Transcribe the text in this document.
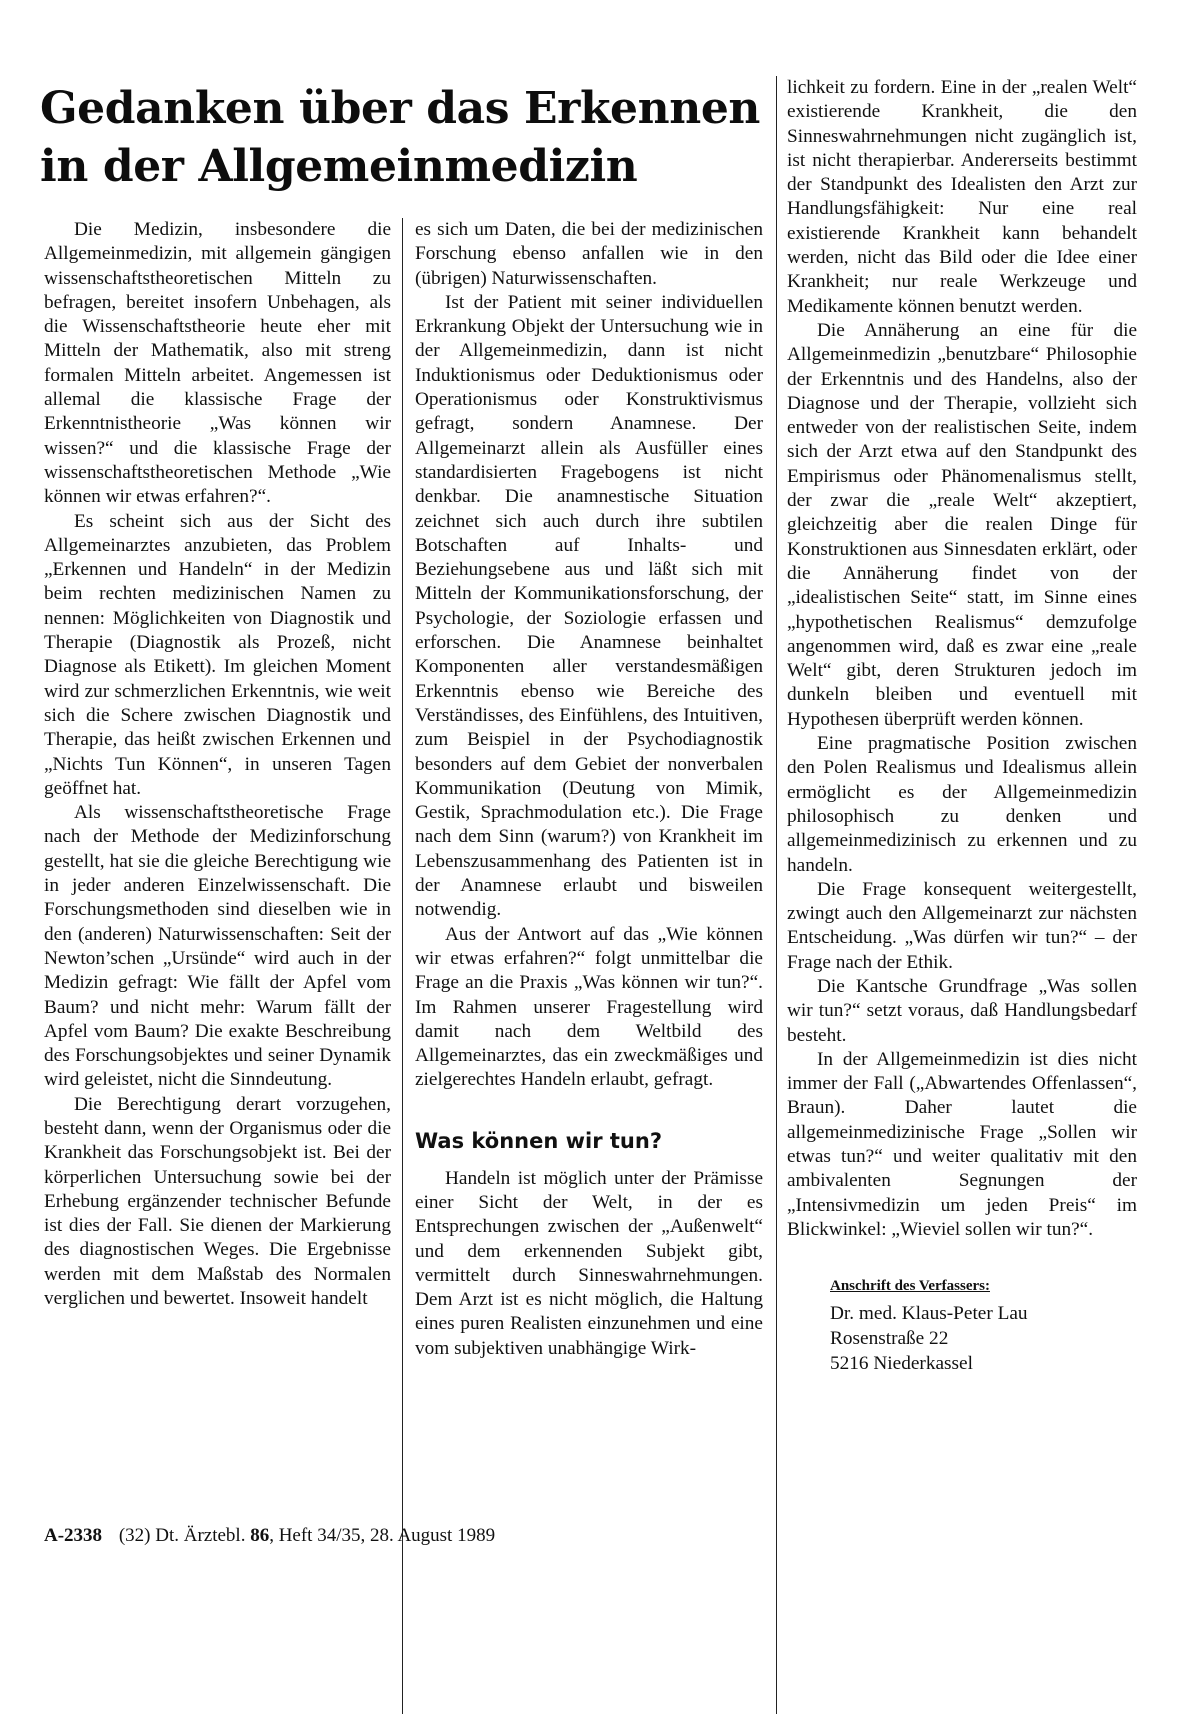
Gedanken über das Erkennen
in der Allgemeinmedizin

Die Medizin, insbesondere die Allgemeinmedizin, mit allgemein gängigen wissenschaftstheoretischen Mitteln zu befragen, bereitet insofern Unbehagen, als die Wissenschaftstheorie heute eher mit Mitteln der Mathematik, also mit streng formalen Mitteln arbeitet. Angemessen ist allemal die klassische Frage der Erkenntnistheorie „Was können wir wissen?“ und die klassische Frage der wissenschaftstheoretischen Methode „Wie können wir etwas erfahren?“.

Es scheint sich aus der Sicht des Allgemeinarztes anzubieten, das Problem „Erkennen und Handeln“ in der Medizin beim rechten medizinischen Namen zu nennen: Möglichkeiten von Diagnostik und Therapie (Diagnostik als Prozeß, nicht Diagnose als Etikett). Im gleichen Moment wird zur schmerzlichen Erkenntnis, wie weit sich die Schere zwischen Diagnostik und Therapie, das heißt zwischen Erkennen und „Nichts Tun Können“, in unseren Tagen geöffnet hat.

Als wissenschaftstheoretische Frage nach der Methode der Medizinforschung gestellt, hat sie die gleiche Berechtigung wie in jeder anderen Einzelwissenschaft. Die Forschungsmethoden sind dieselben wie in den (anderen) Naturwissenschaften: Seit der Newton’schen „Ursünde“ wird auch in der Medizin gefragt: Wie fällt der Apfel vom Baum? und nicht mehr: Warum fällt der Apfel vom Baum? Die exakte Beschreibung des Forschungsobjektes und seiner Dynamik wird geleistet, nicht die Sinndeutung.

Die Berechtigung derart vorzugehen, besteht dann, wenn der Organismus oder die Krankheit das Forschungsobjekt ist. Bei der körperlichen Untersuchung sowie bei der Erhebung ergänzender technischer Befunde ist dies der Fall. Sie dienen der Markierung des diagnostischen Weges. Die Ergebnisse werden mit dem Maßstab des Normalen verglichen und bewertet. Insoweit handelt

es sich um Daten, die bei der medizinischen Forschung ebenso anfallen wie in den (übrigen) Naturwissenschaften.

Ist der Patient mit seiner individuellen Erkrankung Objekt der Untersuchung wie in der Allgemeinmedizin, dann ist nicht Induktionismus oder Deduktionismus oder Operationismus oder Konstruktivismus gefragt, sondern Anamnese. Der Allgemeinarzt allein als Ausfüller eines standardisierten Fragebogens ist nicht denkbar. Die anamnestische Situation zeichnet sich auch durch ihre subtilen Botschaften auf Inhalts- und Beziehungsebene aus und läßt sich mit Mitteln der Kommunikationsforschung, der Psychologie, der Soziologie erfassen und erforschen. Die Anamnese beinhaltet Komponenten aller verstandesmäßigen Erkenntnis ebenso wie Bereiche des Verständisses, des Einfühlens, des Intuitiven, zum Beispiel in der Psychodiagnostik besonders auf dem Gebiet der nonverbalen Kommunikation (Deutung von Mimik, Gestik, Sprachmodulation etc.). Die Frage nach dem Sinn (warum?) von Krankheit im Lebenszusammenhang des Patienten ist in der Anamnese erlaubt und bisweilen notwendig.

Aus der Antwort auf das „Wie können wir etwas erfahren?“ folgt unmittelbar die Frage an die Praxis „Was können wir tun?“. Im Rahmen unserer Fragestellung wird damit nach dem Weltbild des Allgemeinarztes, das ein zweckmäßiges und zielgerechtes Handeln erlaubt, gefragt.

Was können wir tun?

Handeln ist möglich unter der Prämisse einer Sicht der Welt, in der es Entsprechungen zwischen der „Außenwelt“ und dem erkennenden Subjekt gibt, vermittelt durch Sinneswahrnehmungen. Dem Arzt ist es nicht möglich, die Haltung eines puren Realisten einzunehmen und eine vom subjektiven unabhängige Wirk-

lichkeit zu fordern. Eine in der „realen Welt“ existierende Krankheit, die den Sinneswahrnehmungen nicht zugänglich ist, ist nicht therapierbar. Andererseits bestimmt der Standpunkt des Idealisten den Arzt zur Handlungsfähigkeit: Nur eine real existierende Krankheit kann behandelt werden, nicht das Bild oder die Idee einer Krankheit; nur reale Werkzeuge und Medikamente können benutzt werden.

Die Annäherung an eine für die Allgemeinmedizin „benutzbare“ Philosophie der Erkenntnis und des Handelns, also der Diagnose und der Therapie, vollzieht sich entweder von der realistischen Seite, indem sich der Arzt etwa auf den Standpunkt des Empirismus oder Phänomenalismus stellt, der zwar die „reale Welt“ akzeptiert, gleichzeitig aber die realen Dinge für Konstruktionen aus Sinnesdaten erklärt, oder die Annäherung findet von der „idealistischen Seite“ statt, im Sinne eines „hypothetischen Realismus“ demzufolge angenommen wird, daß es zwar eine „reale Welt“ gibt, deren Strukturen jedoch im dunkeln bleiben und eventuell mit Hypothesen überprüft werden können.

Eine pragmatische Position zwischen den Polen Realismus und Idealismus allein ermöglicht es der Allgemeinmedizin philosophisch zu denken und allgemeinmedizinisch zu erkennen und zu handeln.

Die Frage konsequent weitergestellt, zwingt auch den Allgemeinarzt zur nächsten Entscheidung. „Was dürfen wir tun?“ – der Frage nach der Ethik.

Die Kantsche Grundfrage „Was sollen wir tun?“ setzt voraus, daß Handlungsbedarf besteht.

In der Allgemeinmedizin ist dies nicht immer der Fall („Abwartendes Offenlassen“, Braun). Daher lautet die allgemeinmedizinische Frage „Sollen wir etwas tun?“ und weiter qualitativ mit den ambivalenten Segnungen der „Intensivmedizin um jeden Preis“ im Blickwinkel: „Wieviel sollen wir tun?“.

Anschrift des Verfassers:
Dr. med. Klaus-Peter Lau
Rosenstraße 22
5216 Niederkassel
A-2338 (32) Dt. Ärztebl. 86, Heft 34/35, 28. August 1989
